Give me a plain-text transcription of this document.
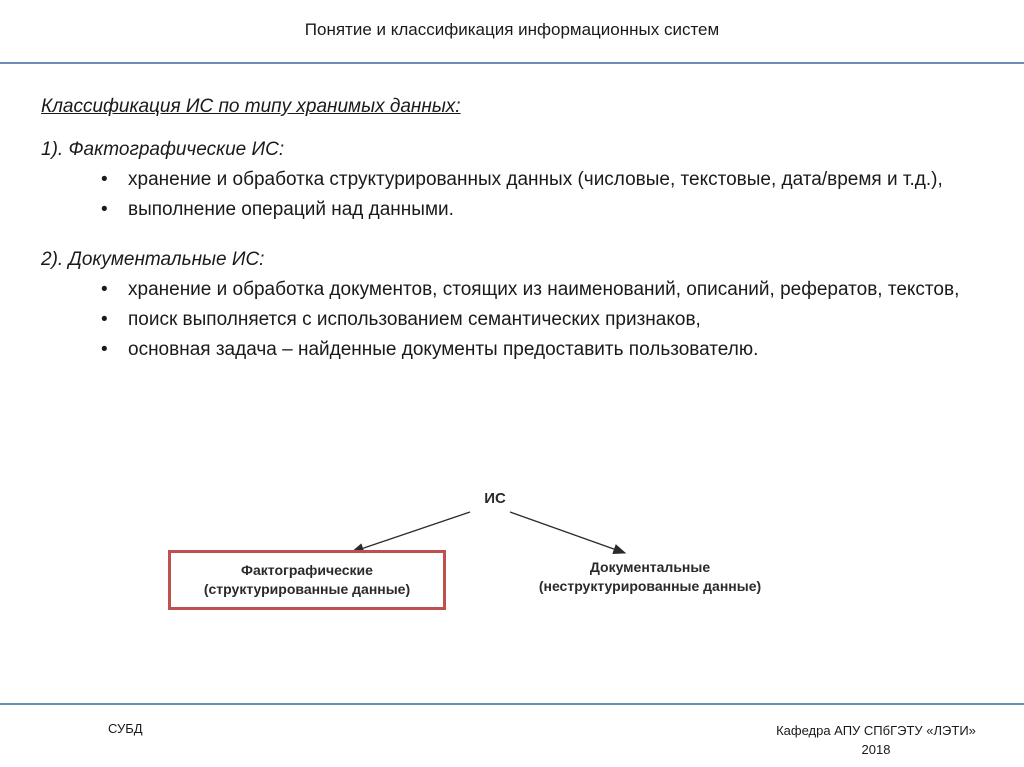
Понятие и классификация информационных систем

Классификация ИС по типу хранимых данных:

1). Фактографические ИС:

• хранение и обработка структурированных данных (числовые, текстовые, дата/время и т.д.),
• выполнение операций над данными.

2). Документальные ИС:

• хранение и обработка документов, стоящих из наименований, описаний, рефератов, текстов,
• поиск выполняется с использованием семантических признаков,
• основная задача – найденные документы предоставить пользователю.
ИС
Фактографические
(структурированные данные)
Документальные
(неструктурированные данные)
СУБД	Кафедра АПУ СПбГЭТУ «ЛЭТИ»
2018
